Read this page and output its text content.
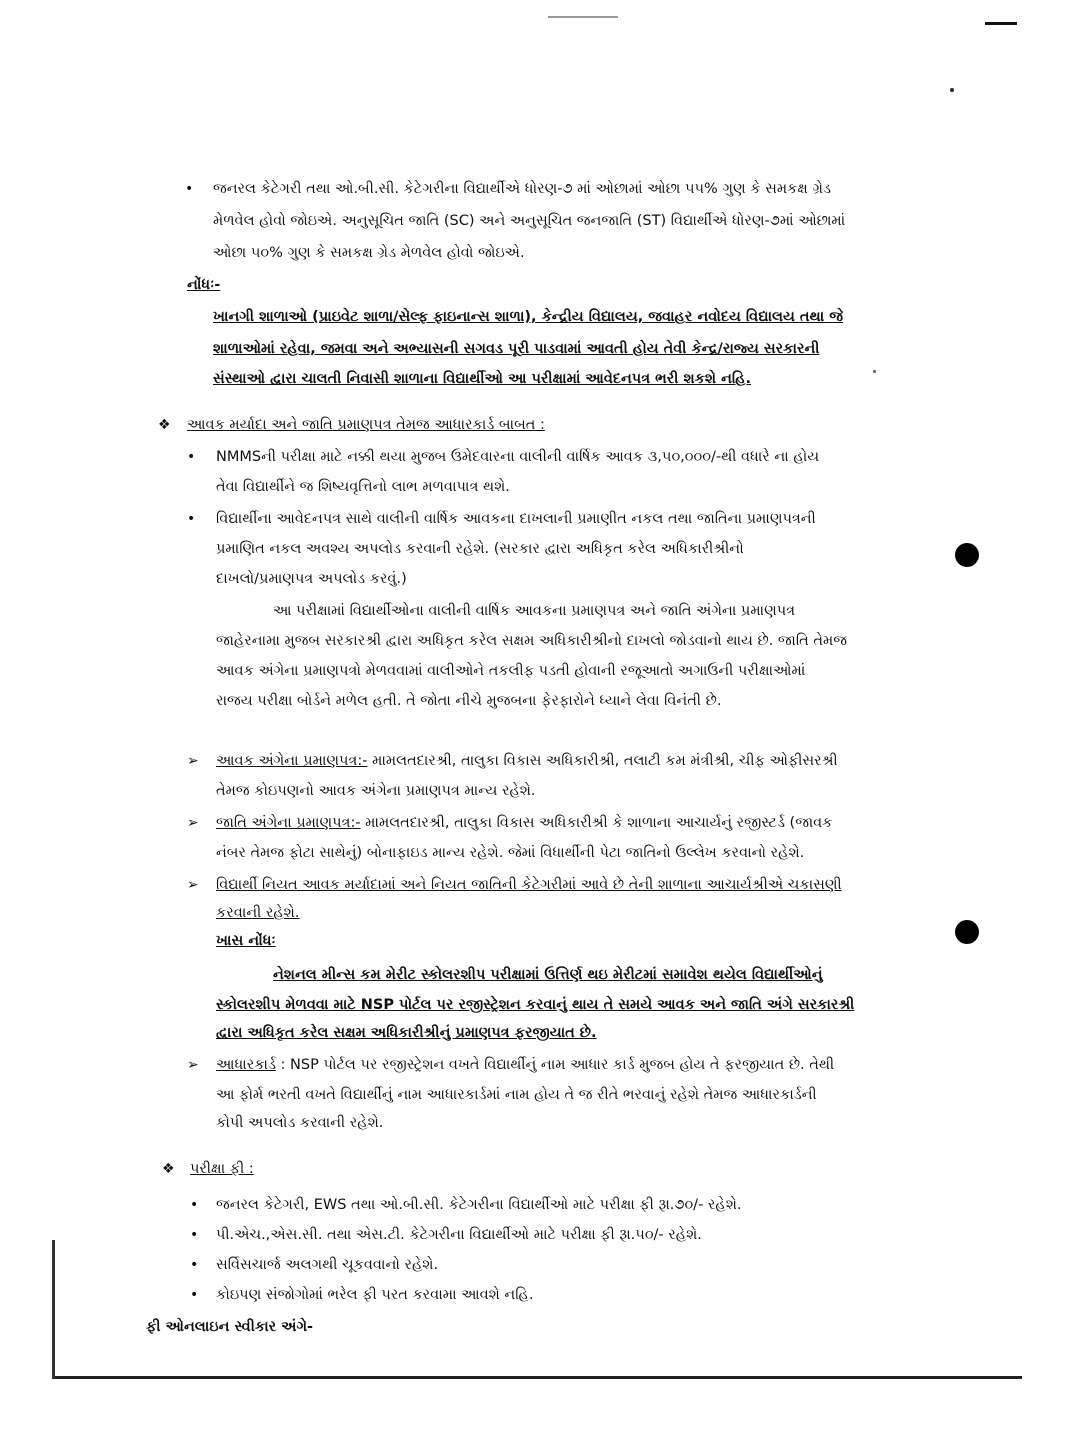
• જનરલ કેટેગરી તથા ઓ.બી.સી. કેટેગરીના વિદ્યાર્થીએ ધોરણ-૭ માં ઓછામાં ઓછા ૫૫% ગુણ કે સમકક્ષ ગ્રેડ
મેળવેલ હોવો જોઇએ. અનુસૂચિત જાતિ (SC) અને અનુસૂચિત જનજાતિ (ST) વિદ્યાર્થીએ ધોરણ-૭માં ઓછામાં
ઓછા ૫૦% ગુણ કે સમકક્ષ ગ્રેડ મેળવેલ હોવો જોઇએ.
નોંધઃ-
ખાનગી શાળાઓ (પ્રાઇવેટ શાળા/સેલ્ફ ફાઇનાન્સ શાળા), કેન્દ્રીય વિદ્યાલય, જવાહર નવોદય વિદ્યાલય તથા જે
શાળાઓમાં રહેવા, જમવા અને અભ્યાસની સગવડ પૂરી પાડવામાં આવતી હોય તેવી કેન્દ્ર/રાજ્ય સરકારની
સંસ્થાઓ દ્વારા ચાલતી નિવાસી શાળાના વિદ્યાર્થીઓ આ પરીક્ષામાં આવેદનપત્ર ભરી શકશે નહિ.
❖ આવક મર્યાદા અને જાતિ પ્રમાણપત્ર તેમજ આધારકાર્ડ બાબત :
• NMMSની પરીક્ષા માટે નક્કી થયા મુજબ ઉમેદવારના વાલીની વાર્ષિક આવક ૩,૫૦,૦૦૦/-થી વધારે ના હોય
તેવા વિદ્યાર્થીને જ શિષ્યવૃત્તિનો લાભ મળવાપાત્ર થશે.
• વિદ્યાર્થીના આવેદનપત્ર સાથે વાલીની વાર્ષિક આવકના દાખલાની પ્રમાણીત નકલ તથા જાતિના પ્રમાણપત્રની
પ્રમાણિત નકલ અવશ્ય અપલોડ કરવાની રહેશે. (સરકાર દ્વારા અધિકૃત કરેલ અધિકારીશ્રીનો
દાખલો/પ્રમાણપત્ર અપલોડ કરવું.)
આ પરીક્ષામાં વિદ્યાર્થીઓના વાલીની વાર્ષિક આવકના પ્રમાણપત્ર અને જાતિ અંગેના પ્રમાણપત્ર
જાહેરનામા મુજબ સરકારશ્રી દ્વારા અધિકૃત કરેલ સક્ષમ અધિકારીશ્રીનો દાખલો જોડવાનો થાય છે. જાતિ તેમજ
આવક અંગેના પ્રમાણપત્રો મેળવવામાં વાલીઓને તકલીફ પડતી હોવાની રજૂઆતો અગાઉની પરીક્ષાઓમાં
રાજય પરીક્ષા બોર્ડને મળેલ હતી. તે જોતા નીચે મુજબના ફેરફારોને ધ્યાને લેવા વિનંતી છે.
➢ આવક અંગેના પ્રમાણપત્ર:- મામલતદારશ્રી, તાલુકા વિકાસ અધિકારીશ્રી, તલાટી કમ મંત્રીશ્રી, ચીફ ઓફીસરશ્રી
તેમજ કોઇપણનો આવક અંગેના પ્રમાણપત્ર માન્ય રહેશે.
➢ જાતિ અંગેના પ્રમાણપત્ર:- મામલતદારશ્રી, તાલુકા વિકાસ અધિકારીશ્રી કે શાળાના આચાર્યનું રજીસ્ટર્ડ (જાવક
નંબર તેમજ ફોટા સાથેનું) બોનાફાઇડ માન્ય રહેશે. જેમાં વિધાર્થીની પેટા જાતિનો ઉલ્લેખ કરવાનો રહેશે.
➢ વિદ્યાર્થી નિયત આવક મર્યાદામાં અને નિયત જાતિની કેટેગરીમાં આવે છે તેની શાળાના આચાર્યશ્રીએ ચકાસણી
કરવાની રહેશે.
ખાસ નોંધઃ
નેશનલ મીન્સ કમ મેરીટ સ્કોલરશીપ પરીક્ષામાં ઉત્તિર્ણ થઇ મેરીટમાં સમાવેશ થયેલ વિદ્યાર્થીઓનું
સ્કોલરશીપ મેળવવા માટે NSP પોર્ટલ પર રજીસ્ટ્રેશન કરવાનું થાય તે સમયે આવક અને જાતિ અંગે સરકારશ્રી
દ્વારા અધિકૃત કરેલ સક્ષમ અધિકારીશ્રીનું પ્રમાણપત્ર ફરજીયાત છે.
➢ આધારકાર્ડ : NSP પોર્ટલ પર રજીસ્ટ્રેશન વખતે વિદ્યાર્થીનું નામ આધાર કાર્ડ મુજબ હોય તે ફરજીયાત છે. તેથી
આ ફોર્મ ભરતી વખતે વિદ્યાર્થીનું નામ આધારકાર્ડમાં નામ હોય તે જ રીતે ભરવાનું રહેશે તેમજ આધારકાર્ડની
કોપી અપલોડ કરવાની રહેશે.
❖ પરીક્ષા ફી :
• જનરલ કેટેગરી, EWS તથા ઓ.બી.સી. કેટેગરીના વિદ્યાર્થીઓ માટે પરીક્ષા ફી રૂા.૭૦/- રહેશે.
• પી.એચ.,એસ.સી. તથા એસ.ટી. કેટેગરીના વિદ્યાર્થીઓ માટે પરીક્ષા ફી રૂા.૫૦/- રહેશે.
• સર્વિસચાર્જ અલગથી ચૂકવવાનો રહેશે.
• કોઇપણ સંજોગોમાં ભરેલ ફી પરત કરવામા આવશે નહિ.
ફી ઓનલાઇન સ્વીકાર અંગે-
